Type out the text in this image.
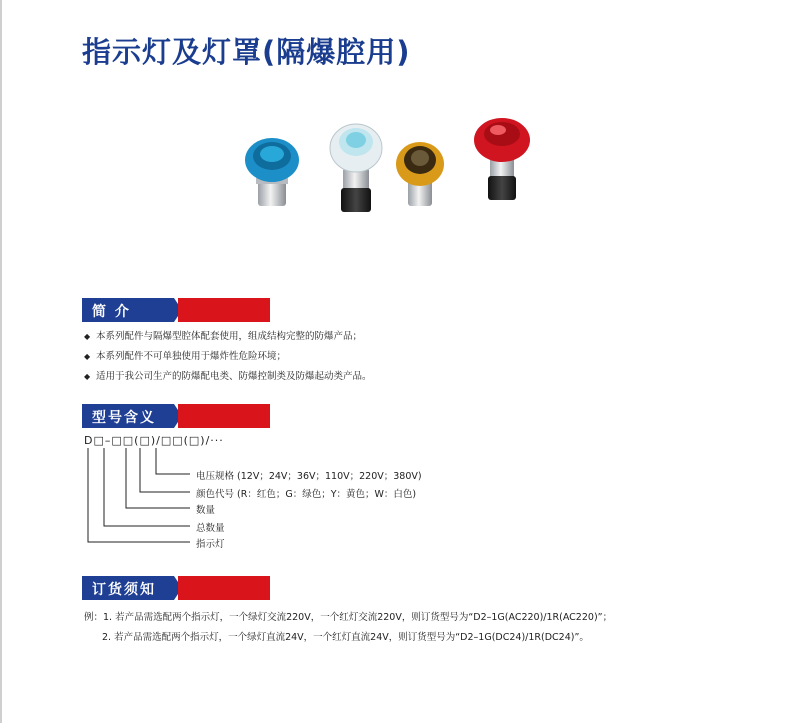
指示灯及灯罩(隔爆腔用)
简 介
◆ 本系列配件与隔爆型腔体配套使用，组成结构完整的防爆产品；
◆ 本系列配件不可单独使用于爆炸性危险环境；
◆ 适用于我公司生产的防爆配电类、防爆控制类及防爆起动类产品。
型号含义
D□–□□(□)/□□(□)/···
电压规格 (12V；24V；36V；110V；220V；380V)
颜色代号 (R：红色；G：绿色；Y：黄色；W：白色)
数量
总数量
指示灯
订货须知
例：1. 若产品需选配两个指示灯，一个绿灯交流220V，一个红灯交流220V，则订货型号为“D2–1G(AC220)/1R(AC220)”；
2. 若产品需选配两个指示灯，一个绿灯直流24V，一个红灯直流24V，则订货型号为“D2–1G(DC24)/1R(DC24)”。
